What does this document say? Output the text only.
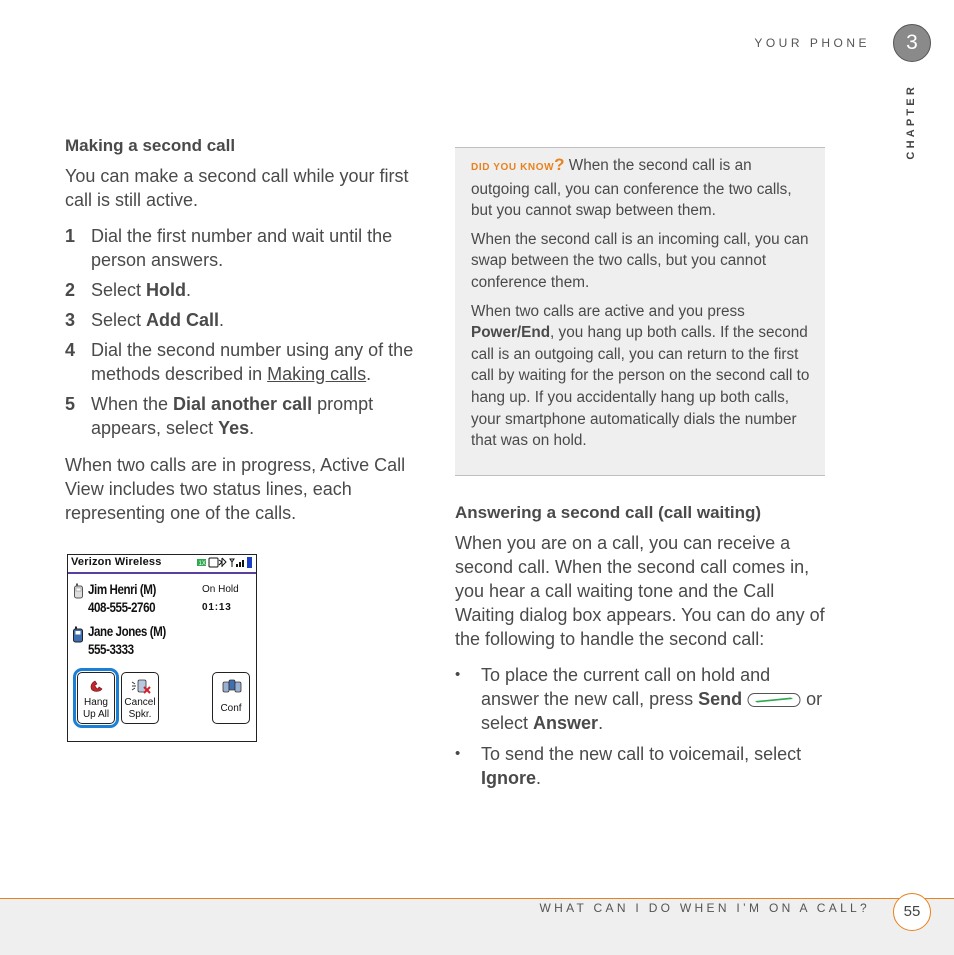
YOUR PHONE	3
CHAPTER
Making a second call

You can make a second call while your first call is still active.

1 Dial the first number and wait until the person answers.
2 Select Hold.
3 Select Add Call.
4 Dial the second number using any of the methods described in Making calls.
5 When the Dial another call prompt appears, select Yes.

When two calls are in progress, Active Call View includes two status lines, each representing one of the calls.

Verizon Wireless	1X
Jim Henri (M)
408-555-2760
On Hold
01:13
Jane Jones (M)
555-3333
Hang
Up All
Cancel
Spkr.
Conf

DID YOU KNOW? When the second call is an outgoing call, you can conference the two calls, but you cannot swap between them.

When the second call is an incoming call, you can swap between the two calls, but you cannot conference them.

When two calls are active and you press Power/End, you hang up both calls. If the second call is an outgoing call, you can return to the first call by waiting for the person on the second call to hang up. If you accidentally hang up both calls, your smartphone automatically dials the number that was on hold.

Answering a second call (call waiting)

When you are on a call, you can receive a second call. When the second call comes in, you hear a call waiting tone and the Call Waiting dialog box appears. You can do any of the following to handle the second call:

• To place the current call on hold and answer the new call, press Send	or select Answer.
• To send the new call to voicemail, select Ignore.
WHAT CAN I DO WHEN I’M ON A CALL?	55
